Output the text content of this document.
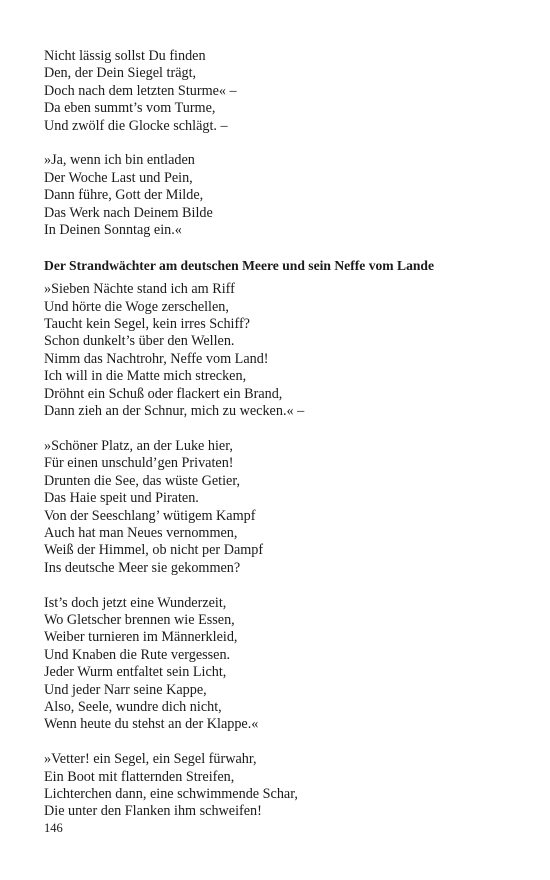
Nicht lässig sollst Du finden
Den, der Dein Siegel trägt,
Doch nach dem letzten Sturme« –
Da eben summt’s vom Turme,
Und zwölf die Glocke schlägt. –
»Ja, wenn ich bin entladen
Der Woche Last und Pein,
Dann führe, Gott der Milde,
Das Werk nach Deinem Bilde
In Deinen Sonntag ein.«
Der Strandwächter am deutschen Meere und sein Neffe vom Lande
»Sieben Nächte stand ich am Riff
Und hörte die Woge zerschellen,
Taucht kein Segel, kein irres Schiff?
Schon dunkelt’s über den Wellen.
Nimm das Nachtrohr, Neffe vom Land!
Ich will in die Matte mich strecken,
Dröhnt ein Schuß oder flackert ein Brand,
Dann zieh an der Schnur, mich zu wecken.« –
»Schöner Platz, an der Luke hier,
Für einen unschuld’gen Privaten!
Drunten die See, das wüste Getier,
Das Haie speit und Piraten.
Von der Seeschlang’ wütigem Kampf
Auch hat man Neues vernommen,
Weiß der Himmel, ob nicht per Dampf
Ins deutsche Meer sie gekommen?
Ist’s doch jetzt eine Wunderzeit,
Wo Gletscher brennen wie Essen,
Weiber turnieren im Männerkleid,
Und Knaben die Rute vergessen.
Jeder Wurm entfaltet sein Licht,
Und jeder Narr seine Kappe,
Also, Seele, wundre dich nicht,
Wenn heute du stehst an der Klappe.«
»Vetter! ein Segel, ein Segel fürwahr,
Ein Boot mit flatternden Streifen,
Lichterchen dann, eine schwimmende Schar,
Die unter den Flanken ihm schweifen!
146
